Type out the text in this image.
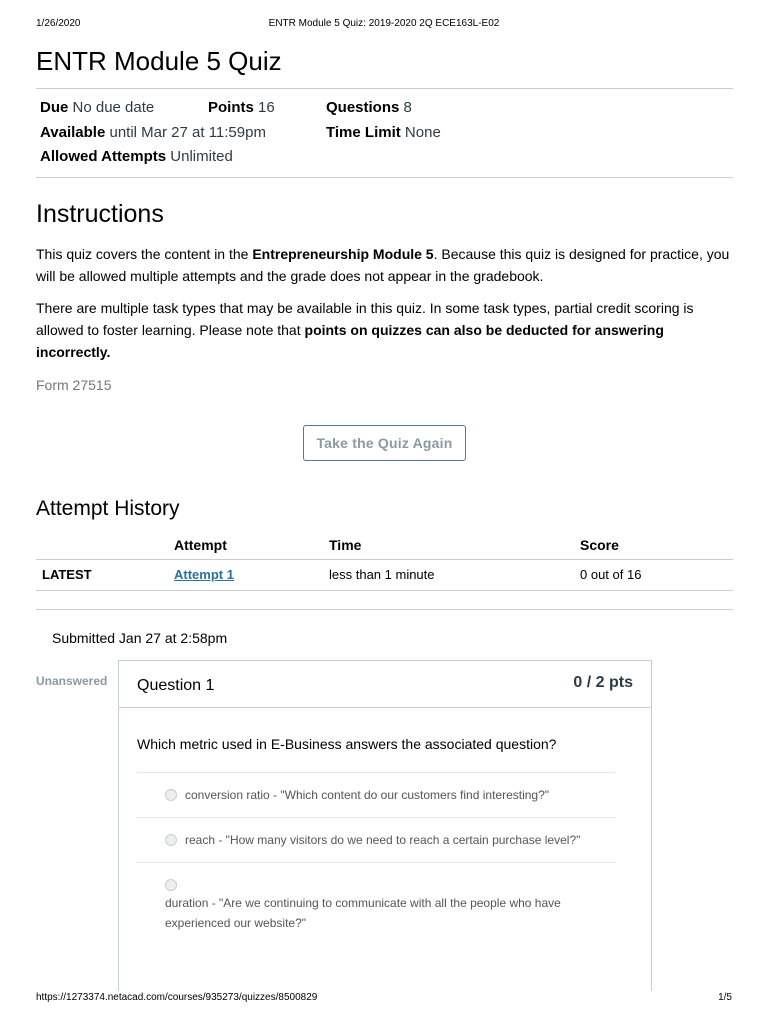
1/26/2020	ENTR Module 5 Quiz: 2019-2020 2Q ECE163L-E02
ENTR Module 5 Quiz
Due No due date	Points 16	Questions 8
Available until Mar 27 at 11:59pm	Time Limit None
Allowed Attempts Unlimited
Instructions

This quiz covers the content in the Entrepreneurship Module 5. Because this quiz is designed for practice, you will be allowed multiple attempts and the grade does not appear in the gradebook.

There are multiple task types that may be available in this quiz. In some task types, partial credit scoring is allowed to foster learning. Please note that points on quizzes can also be deducted for answering incorrectly.

Form 27515
Take the Quiz Again
Attempt History
	Attempt	Time	Score
LATEST	Attempt 1	less than 1 minute	0 out of 16
Submitted Jan 27 at 2:58pm
Unanswered Question 1	0 / 2 pts
Which metric used in E-Business answers the associated question?
conversion ratio - "Which content do our customers find interesting?"
reach - "How many visitors do we need to reach a certain purchase level?"
duration - "Are we continuing to communicate with all the people who have experienced our website?"
https://1273374.netacad.com/courses/935273/quizzes/8500829	1/5
